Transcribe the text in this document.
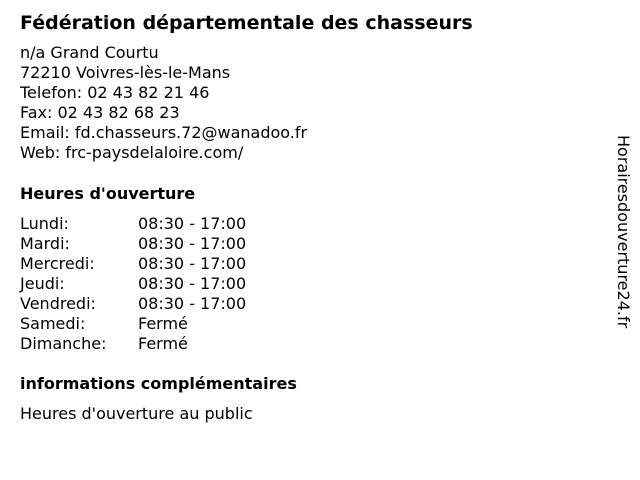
Fédération départementale des chasseurs
n/a Grand Courtu
72210 Voivres-lès-le-Mans
Telefon: 02 43 82 21 46
Fax: 02 43 82 68 23
Email: fd.chasseurs.72@wanadoo.fr
Web: frc-paysdelaloire.com/
Heures d'ouverture
Lundi:	08:30 - 17:00
Mardi:	08:30 - 17:00
Mercredi:	08:30 - 17:00
Jeudi:	08:30 - 17:00
Vendredi:	08:30 - 17:00
Samedi:	Fermé
Dimanche:	Fermé
informations complémentaires
Heures d'ouverture au public
Horairesdouverture24.fr
